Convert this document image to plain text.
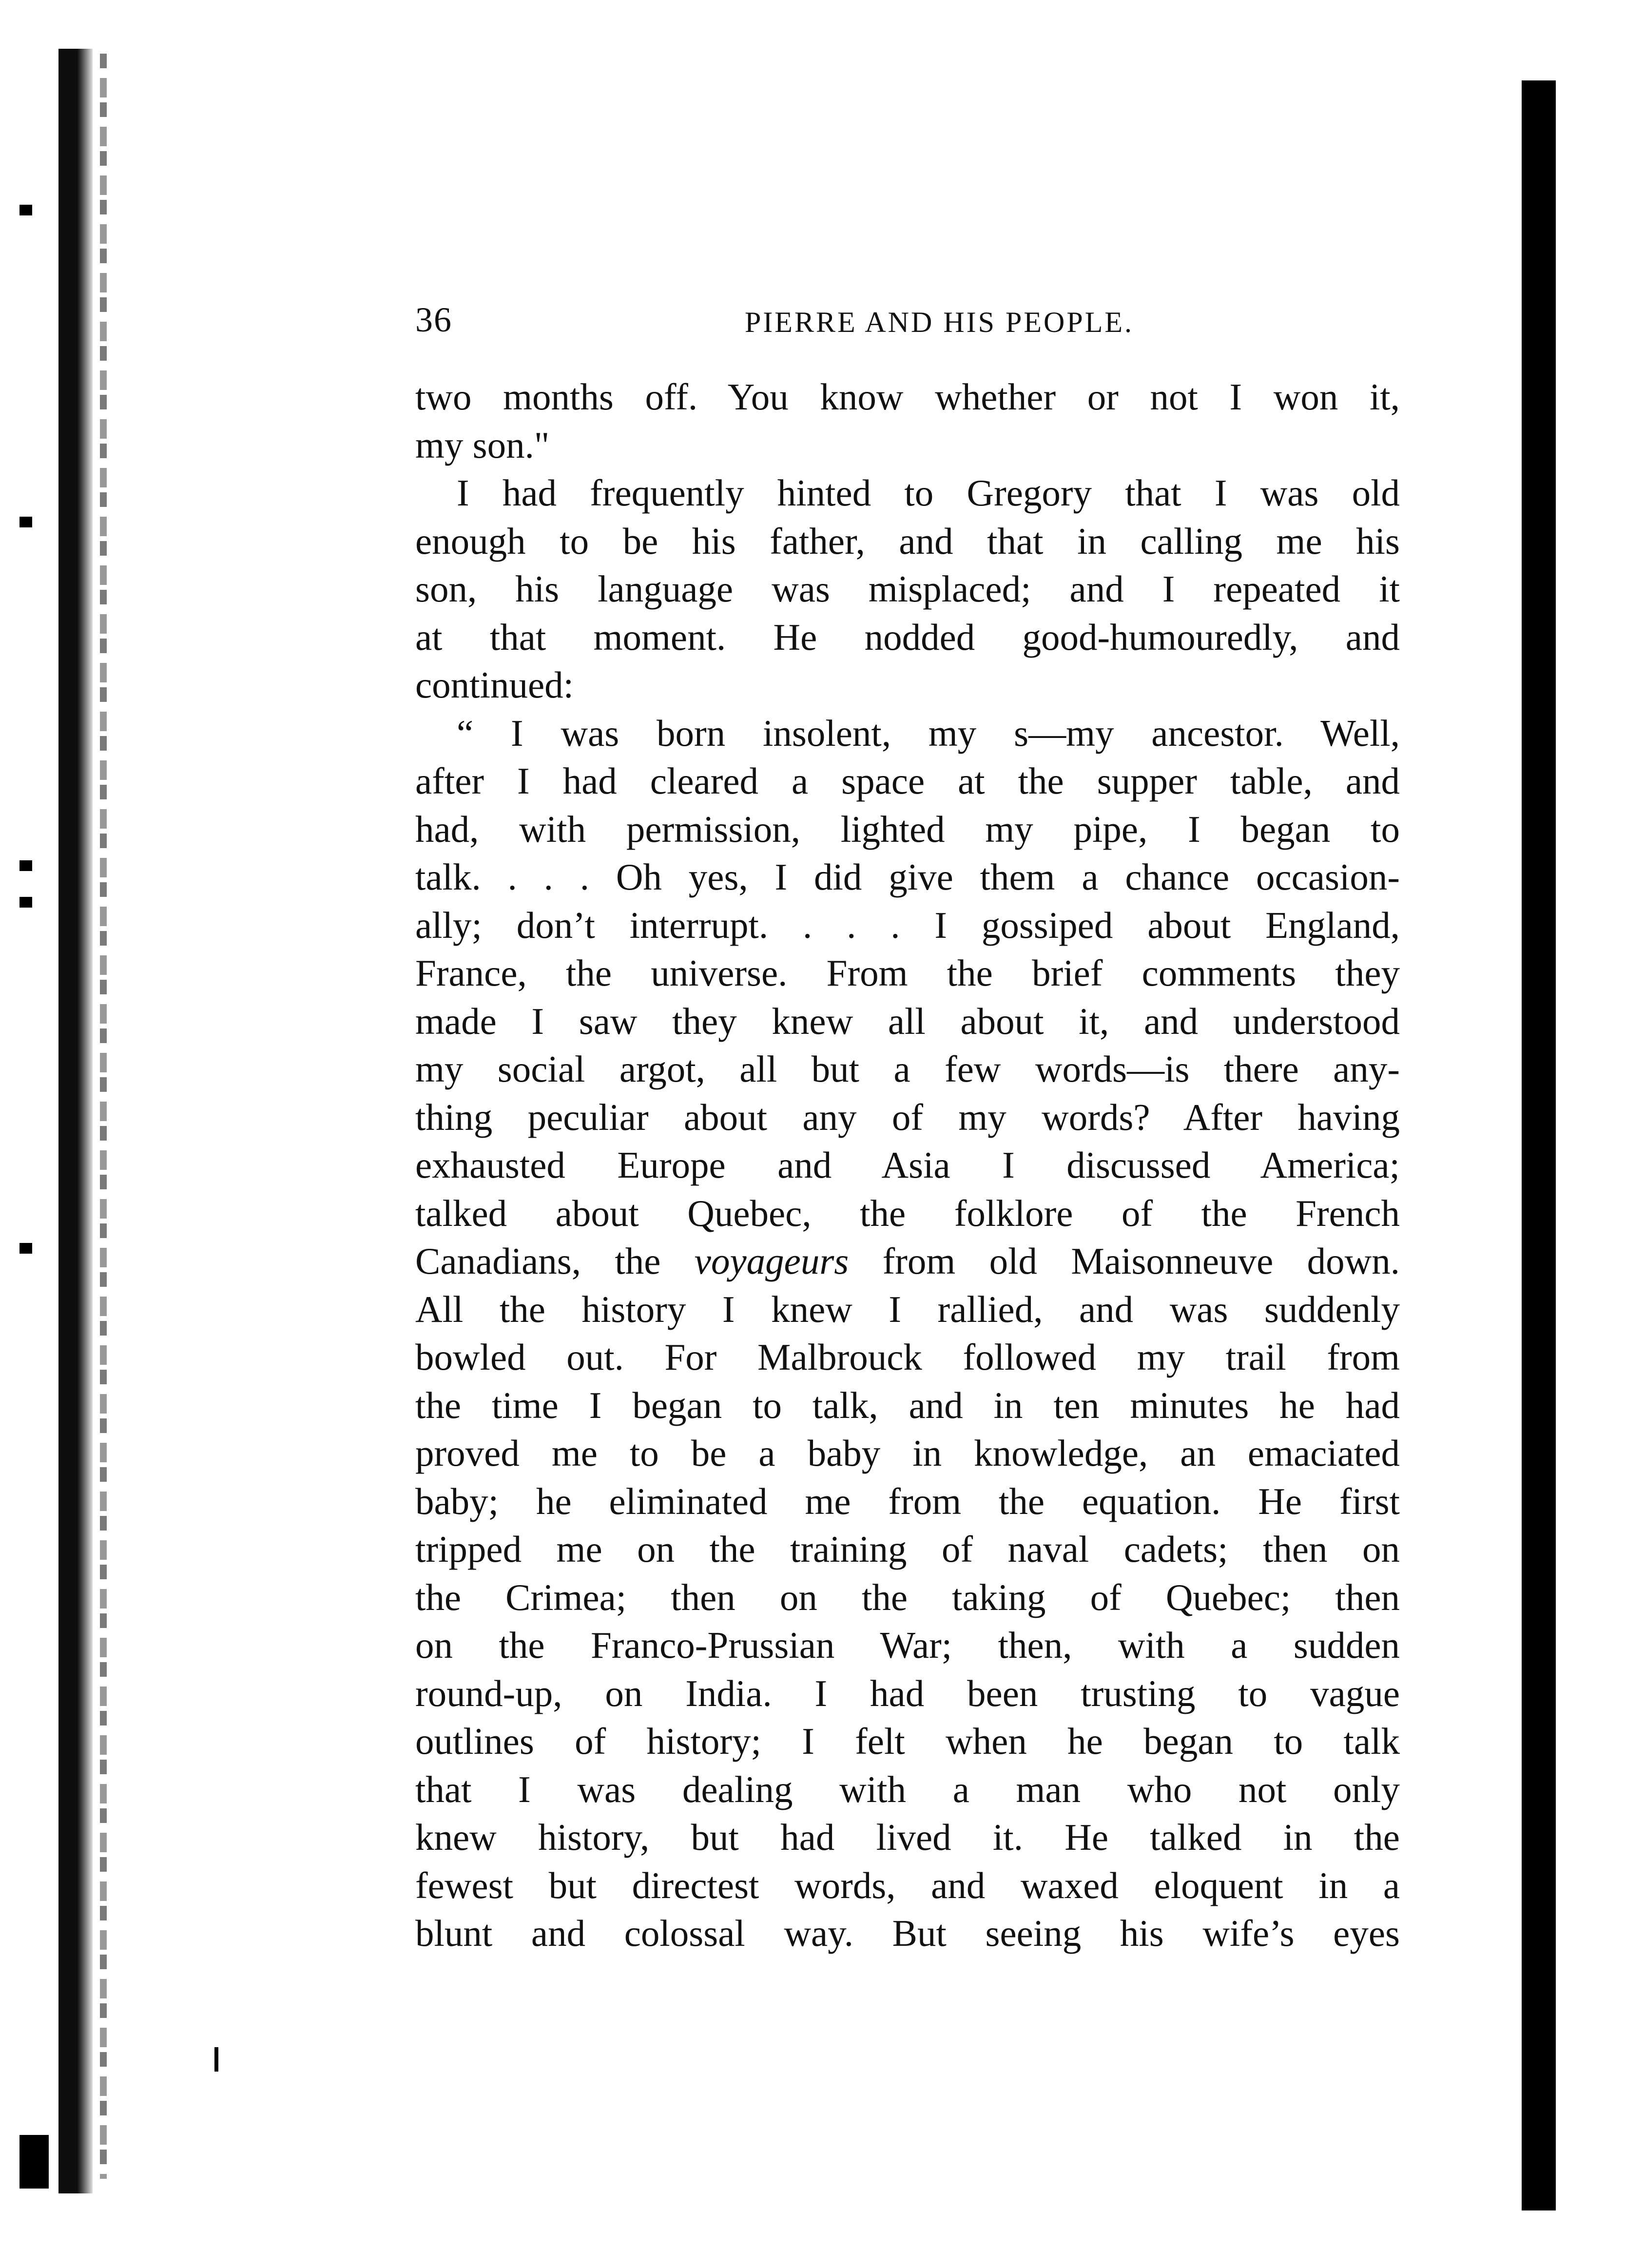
36	PIERRE AND HIS PEOPLE.
two months off. You know whether or not I won it,
my son."
I had frequently hinted to Gregory that I was old
enough to be his father, and that in calling me his
son, his language was misplaced; and I repeated it
at that moment. He nodded good-humouredly, and
continued:
“ I was born insolent, my s—my ancestor. Well,
after I had cleared a space at the supper table, and
had, with permission, lighted my pipe, I began to
talk. . . . Oh yes, I did give them a chance occasion-
ally; don’t interrupt. . . . I gossiped about England,
France, the universe. From the brief comments they
made I saw they knew all about it, and understood
my social argot, all but a few words—is there any-
thing peculiar about any of my words? After having
exhausted Europe and Asia I discussed America;
talked about Quebec, the folklore of the French
Canadians, the voyageurs from old Maisonneuve down.
All the history I knew I rallied, and was suddenly
bowled out. For Malbrouck followed my trail from
the time I began to talk, and in ten minutes he had
proved me to be a baby in knowledge, an emaciated
baby; he eliminated me from the equation. He first
tripped me on the training of naval cadets; then on
the Crimea; then on the taking of Quebec; then
on the Franco-Prussian War; then, with a sudden
round-up, on India. I had been trusting to vague
outlines of history; I felt when he began to talk
that I was dealing with a man who not only
knew history, but had lived it. He talked in the
fewest but directest words, and waxed eloquent in a
blunt and colossal way. But seeing his wife’s eyes
